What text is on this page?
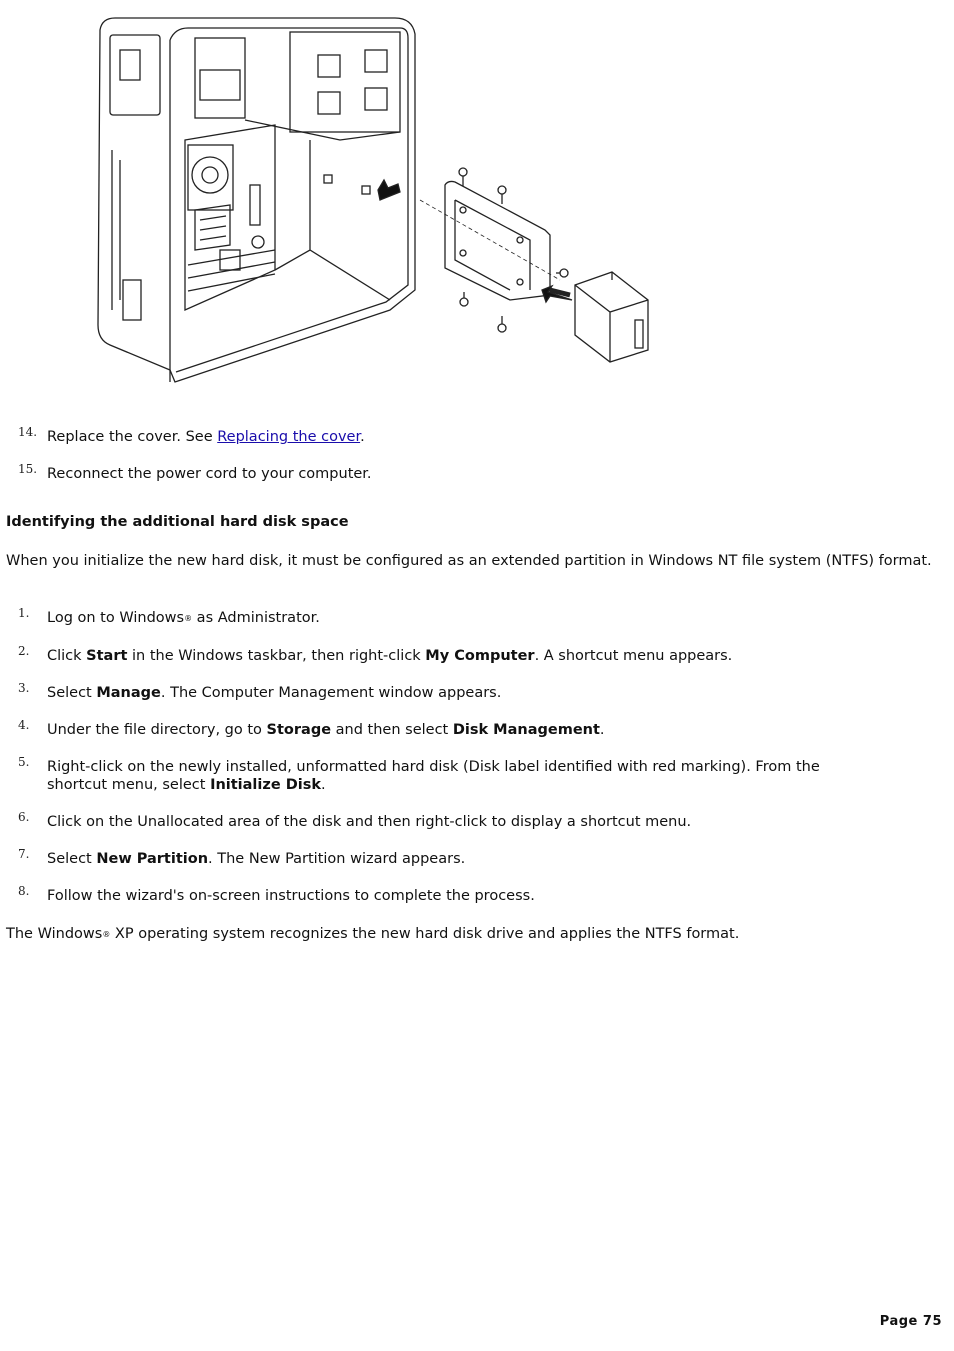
14. Replace the cover. See Replacing the cover.
15. Reconnect the power cord to your computer.
Identifying the additional hard disk space
When you initialize the new hard disk, it must be configured as an extended partition in Windows NT file system (NTFS) format.
1. Log on to Windows® as Administrator.
2. Click Start in the Windows taskbar, then right-click My Computer. A shortcut menu appears.
3. Select Manage. The Computer Management window appears.
4. Under the file directory, go to Storage and then select Disk Management.
5. Right-click on the newly installed, unformatted hard disk (Disk label identified with red marking). From the shortcut menu, select Initialize Disk.
6. Click on the Unallocated area of the disk and then right-click to display a shortcut menu.
7. Select New Partition. The New Partition wizard appears.
8. Follow the wizard's on-screen instructions to complete the process.
The Windows® XP operating system recognizes the new hard disk drive and applies the NTFS format.
Page 75
